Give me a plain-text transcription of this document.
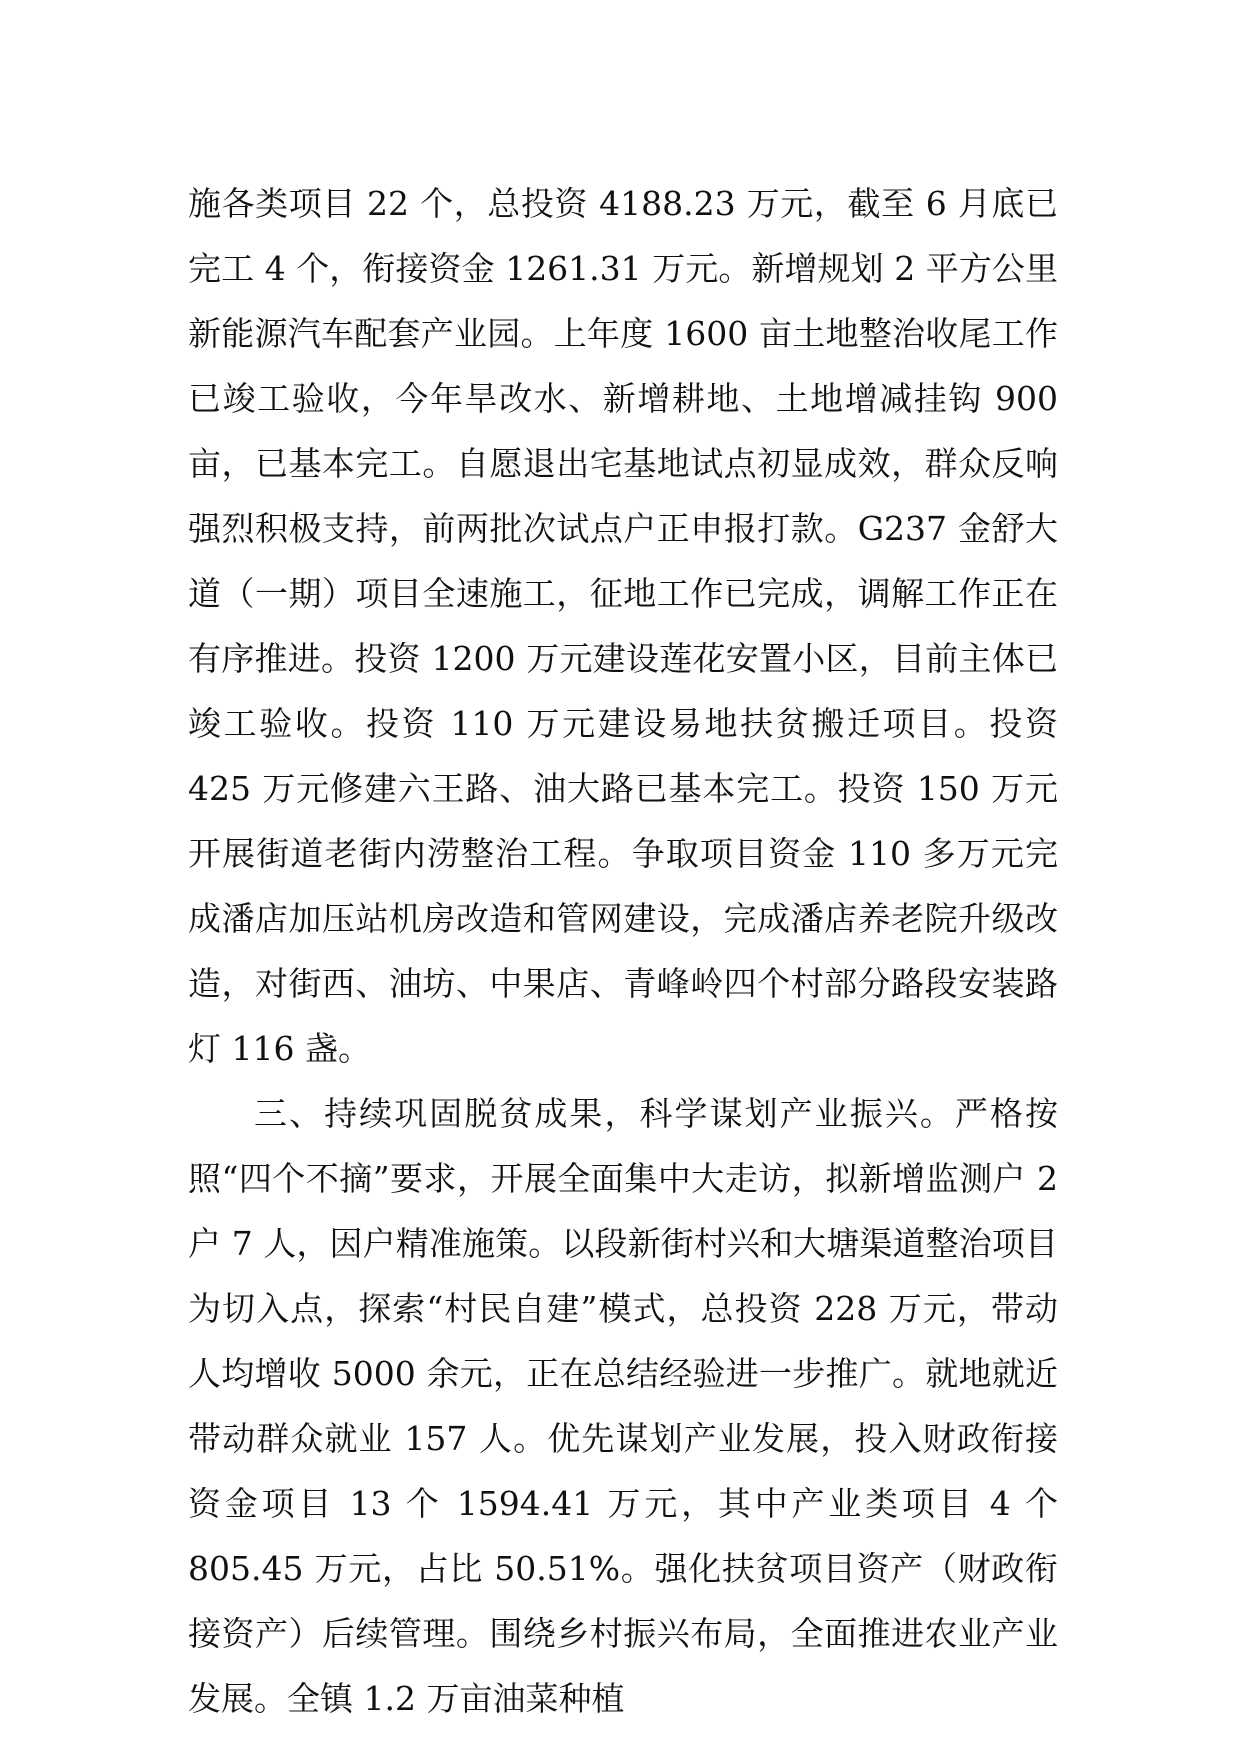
施各类项目 22 个，总投资 4188.23 万元，截至 6 月底已完工 4 个，衔接资金 1261.31 万元。新增规划 2 平方公里新能源汽车配套产业园。上年度 1600 亩土地整治收尾工作已竣工验收，今年旱改水、新增耕地、土地增减挂钩 900 亩，已基本完工。自愿退出宅基地试点初显成效，群众反响强烈积极支持，前两批次试点户正申报打款。G237 金舒大道（一期）项目全速施工，征地工作已完成，调解工作正在有序推进。投资 1200 万元建设莲花安置小区，目前主体已竣工验收。投资 110 万元建设易地扶贫搬迁项目。投资 425 万元修建六王路、油大路已基本完工。投资 150 万元开展街道老街内涝整治工程。争取项目资金 110 多万元完成潘店加压站机房改造和管网建设，完成潘店养老院升级改造，对街西、油坊、中果店、青峰岭四个村部分路段安装路灯 116 盏。

三、持续巩固脱贫成果，科学谋划产业振兴。严格按照“四个不摘”要求，开展全面集中大走访，拟新增监测户 2 户 7 人，因户精准施策。以段新街村兴和大塘渠道整治项目为切入点，探索“村民自建”模式，总投资 228 万元，带动人均增收 5000 余元，正在总结经验进一步推广。就地就近带动群众就业 157 人。优先谋划产业发展，投入财政衔接资金项目 13 个 1594.41 万元，其中产业类项目 4 个 805.45 万元，占比 50.51%。强化扶贫项目资产（财政衔接资产）后续管理。围绕乡村振兴布局，全面推进农业产业发展。全镇 1.2 万亩油菜种植
